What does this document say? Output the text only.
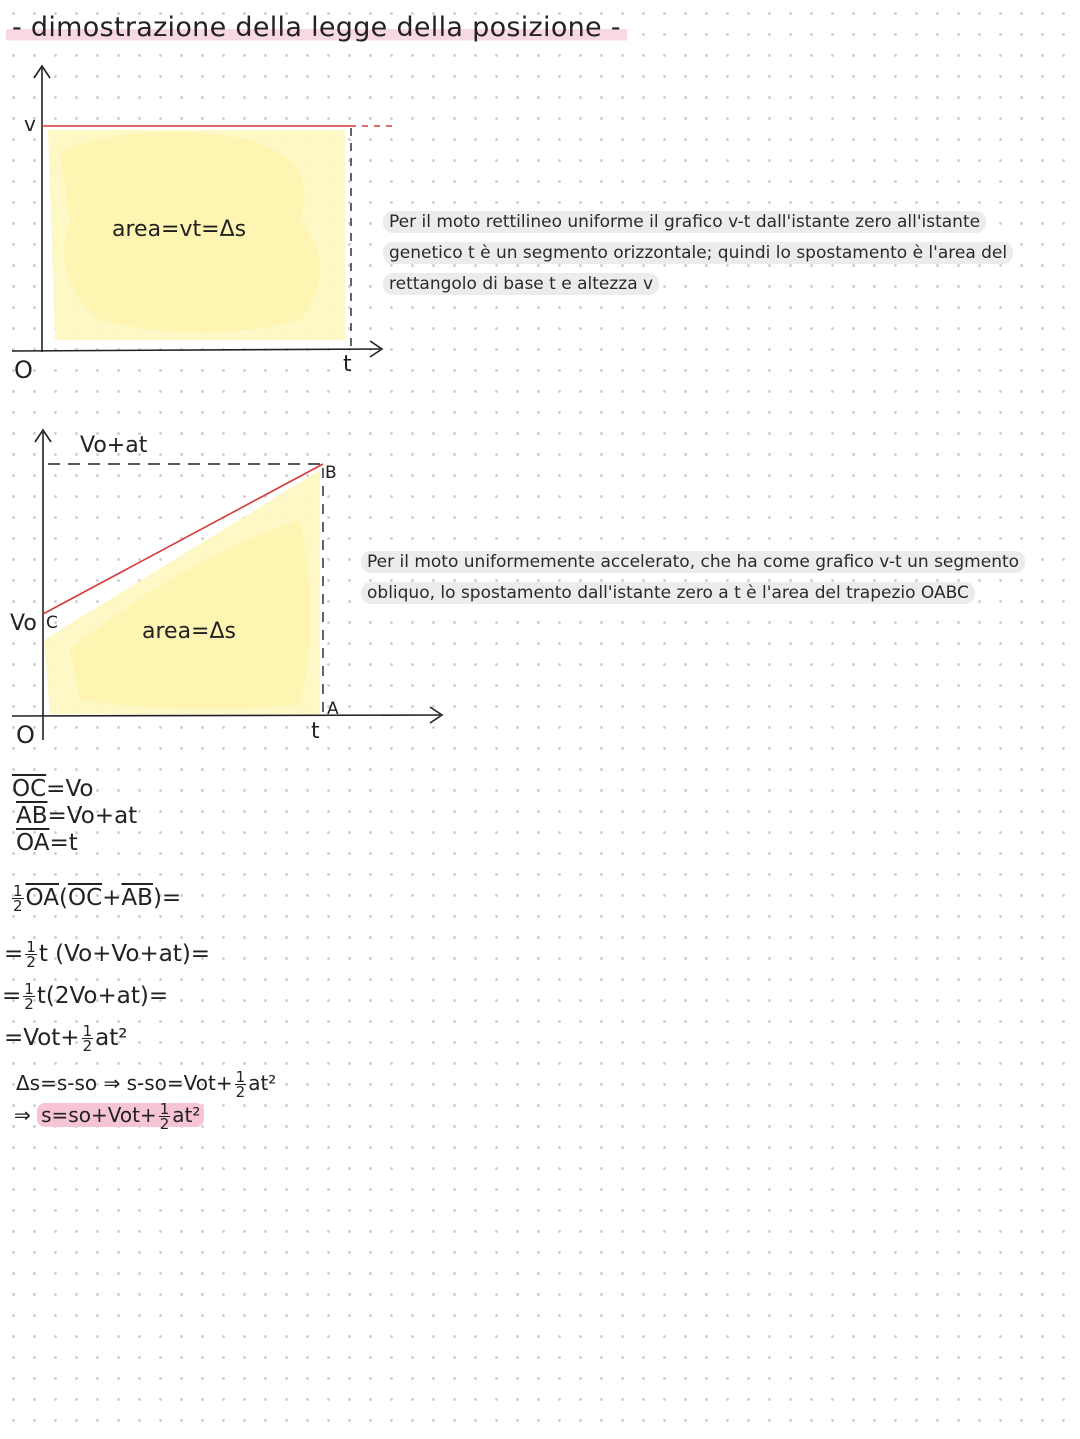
- dimostrazione della legge della posizione -
v
O	t
area=vt=Δs	Per il moto rettilineo uniforme il grafico v-t dall'istante zero all'istante genetico t è un segmento orizzontale; quindi lo spostamento è l'area del rettangolo di base t e altezza v
Vo+at
B
Vo C	area=Δs
A
O	t
Per il moto uniformemente accelerato, che ha come grafico v-t un segmento obliquo, lo spostamento dall'istante zero a t è l'area del trapezio OABC
$\overline{OC}=Vo$
$\overline{AB}=Vo+at$
$\overline{OA}=t$
$\frac{1}{2} \overline{OA}(\overline{OC}+\overline{AB})=$
= $\frac{1}{2}$ t (Vo+Vo+at)=
= $\frac{1}{2} t(2Vo+at)=$
$=Vot+ \frac{1}{2} at^2$
Δs=s-so ⇒ $s-so=Vot+ \frac{1}{2} at^2$
⇒ $s=so+Vot+ \frac{1}{2} at^2$
